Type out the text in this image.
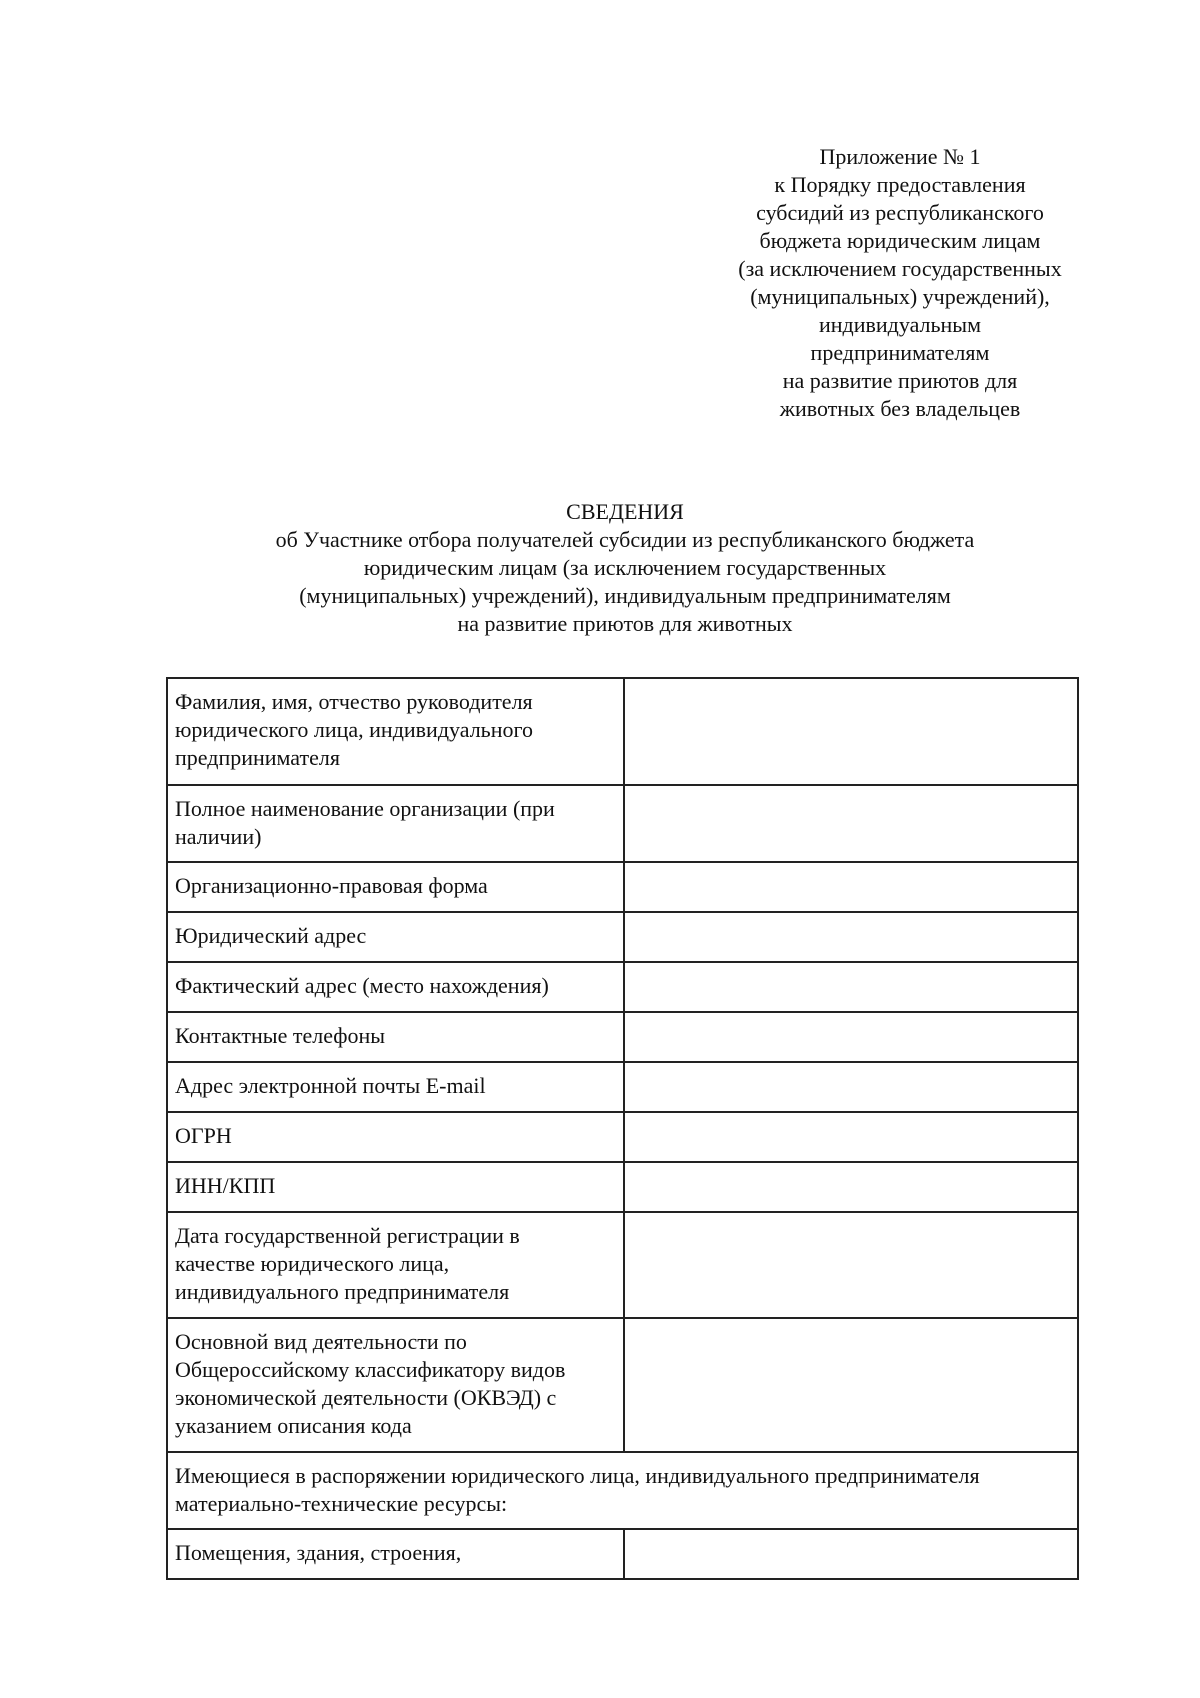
Приложение № 1
к Порядку предоставления
субсидий из республиканского
бюджета юридическим лицам
(за исключением государственных
(муниципальных) учреждений),
индивидуальным
предпринимателям
на развитие приютов для
животных без владельцев
СВЕДЕНИЯ
об Участнике отбора получателей субсидии из республиканского бюджета
юридическим лицам (за исключением государственных
(муниципальных) учреждений), индивидуальным предпринимателям
на развитие приютов для животных
Фамилия, имя, отчество руководителя
юридического лица, индивидуального
предпринимателя	

Полное наименование организации (при
наличии)	

Организационно-правовая форма	

Юридический адрес	

Фактический адрес (место нахождения)	

Контактные телефоны	

Адрес электронной почты E-mail	

ОГРН	

ИНН/КПП	

Дата государственной регистрации в
качестве юридического лица,
индивидуального предпринимателя	

Основной вид деятельности по
Общероссийскому классификатору видов
экономической деятельности (ОКВЭД) с
указанием описания кода	

Имеющиеся в распоряжении юридического лица, индивидуального предпринимателя
материально-технические ресурсы:	

Помещения, здания, строения,	
